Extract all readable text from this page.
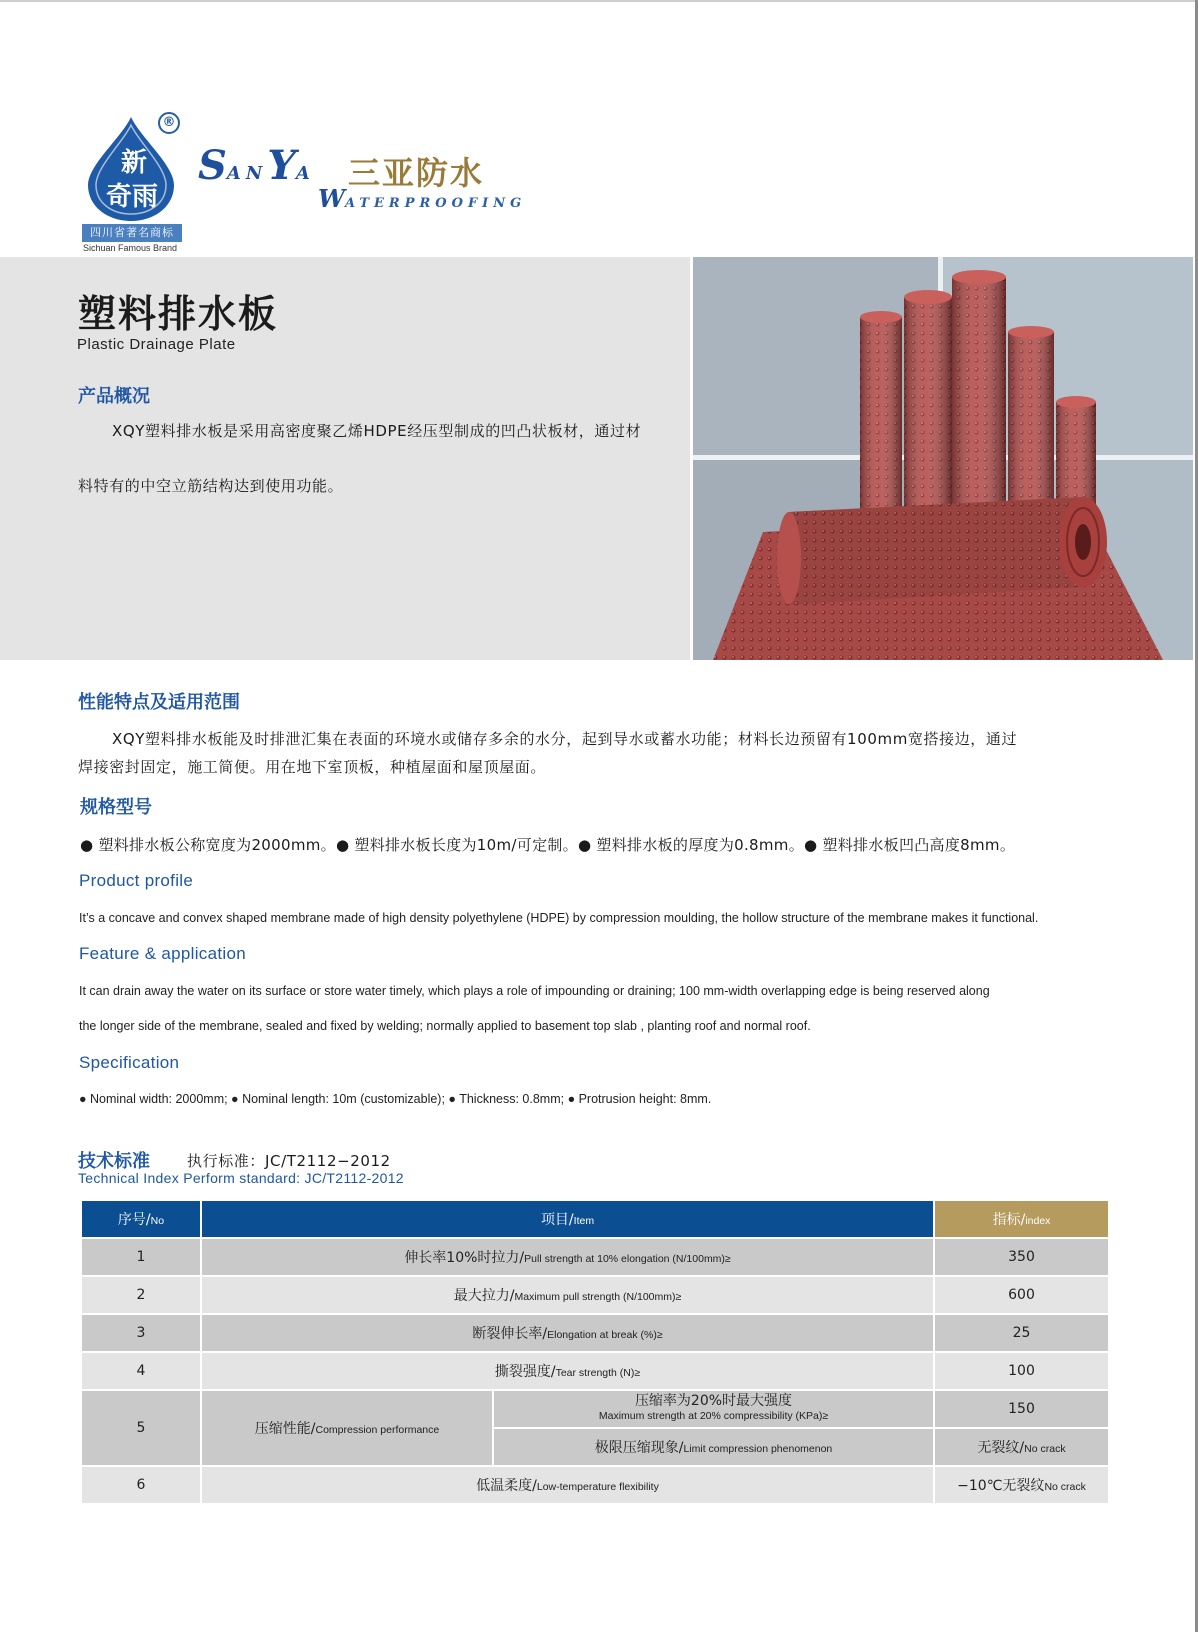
新
奇雨
®
四川省著名商标
Sichuan Famous Brand
SANYA 三亚防水
WATERPROOFING
塑料排水板
Plastic Drainage Plate
产品概况
XQY塑料排水板是采用高密度聚乙烯HDPE经压型制成的凹凸状板材，通过材
料特有的中空立筋结构达到使用功能。
性能特点及适用范围
XQY塑料排水板能及时排泄汇集在表面的环境水或储存多余的水分，起到导水或蓄水功能；材料长边预留有100mm宽搭接边，通过
焊接密封固定，施工简便。用在地下室顶板，种植屋面和屋顶屋面。
规格型号
● 塑料排水板公称宽度为2000mm。● 塑料排水板长度为10m/可定制。● 塑料排水板的厚度为0.8mm。● 塑料排水板凹凸高度8mm。
Product profile
It’s a concave and convex shaped membrane made of high density polyethylene (HDPE) by compression moulding, the hollow structure of the membrane makes it functional.
Feature & application
It can drain away the water on its surface or store water timely, which plays a role of impounding or draining; 100 mm-width overlapping edge is being reserved along
the longer side of the membrane, sealed and fixed by welding; normally applied to basement top slab , planting roof and normal roof.
Specification
● Nominal width: 2000mm; ● Nominal length: 10m (customizable); ● Thickness: 0.8mm; ● Protrusion height: 8mm.
技术标准 执行标准：JC/T2112−2012
Technical Index Perform standard: JC/T2112-2012
序号/No	项目/Item		指标/index
1	伸长率10%时拉力/Pull strength at 10% elongation (N/100mm)≥		350
2	最大拉力/Maximum pull strength (N/100mm)≥		600
3	断裂伸长率/Elongation at break (%)≥		25
4	撕裂强度/Tear strength (N)≥		100
5	压缩性能/Compression performance	压缩率为20%时最大强度
Maximum strength at 20% compressibility (KPa)≥	150
		极限压缩现象/Limit compression phenomenon	无裂纹/No crack
6	低温柔度/Low-temperature flexibility		−10℃无裂纹No crack
